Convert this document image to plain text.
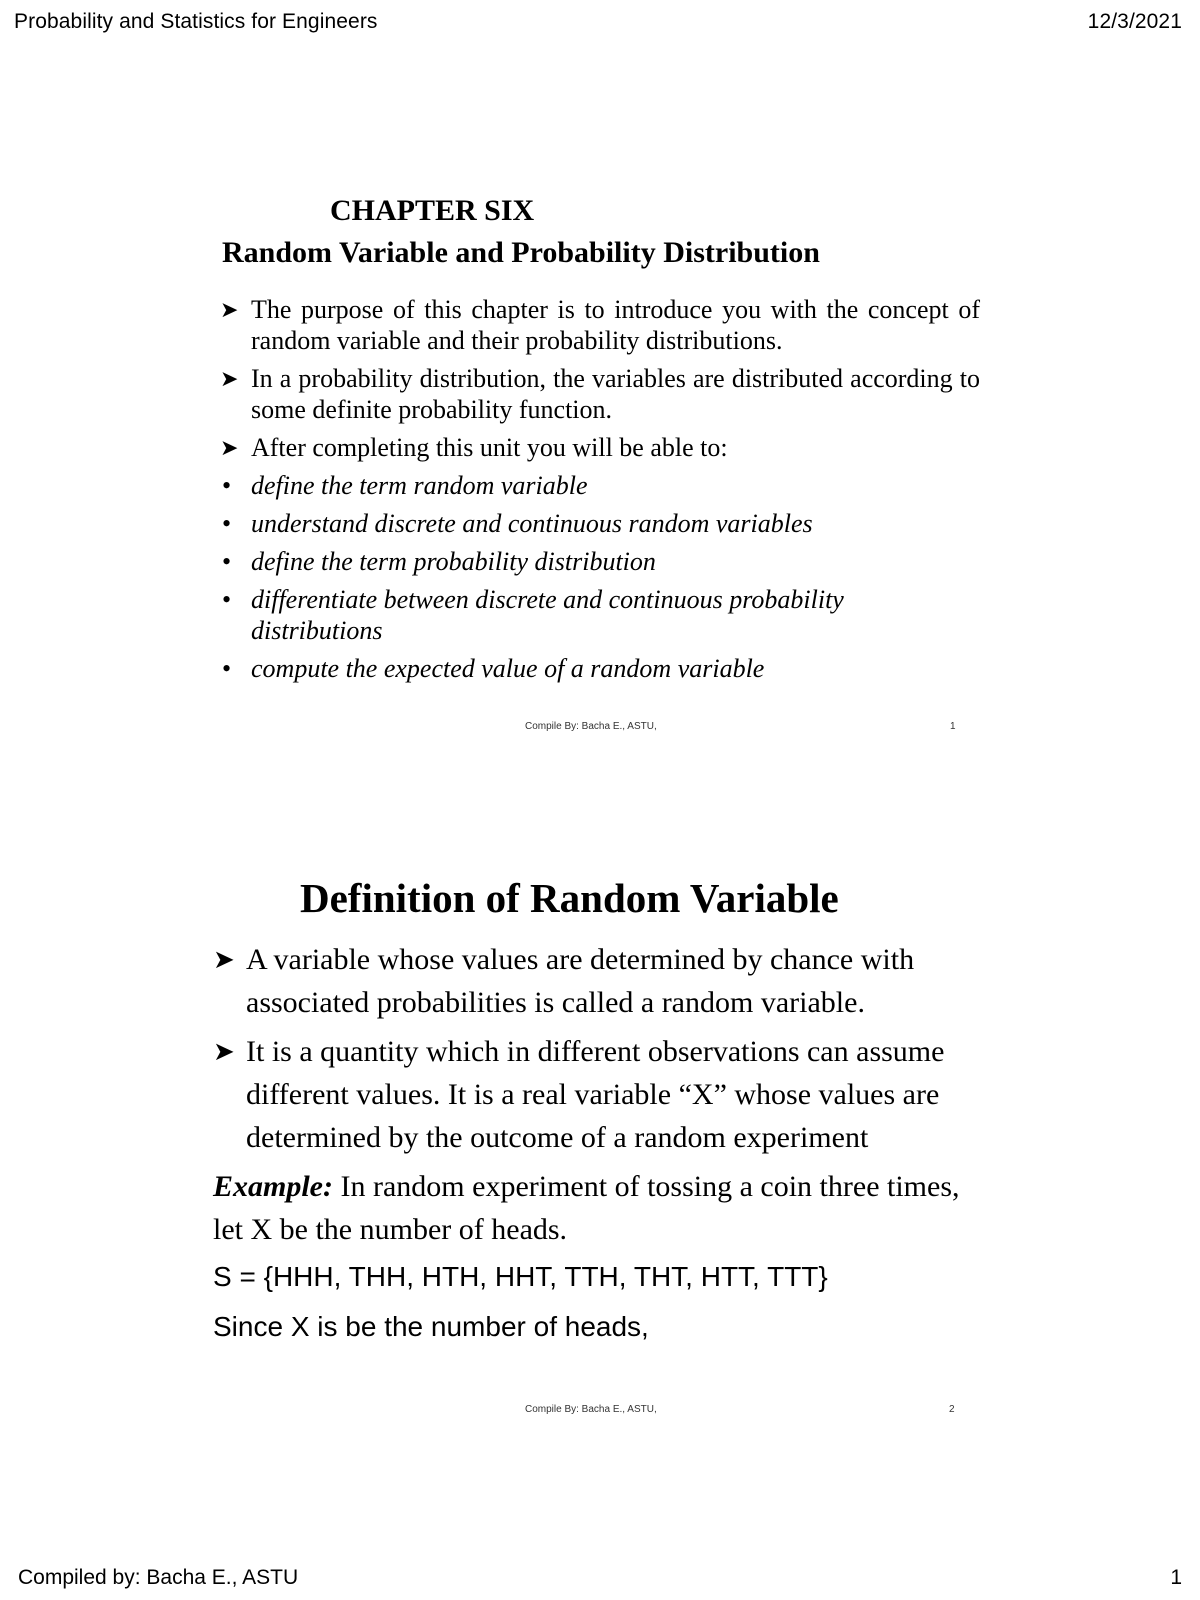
Probability and Statistics for Engineers	12/3/2021
CHAPTER SIX
Random Variable and Probability Distribution
➤ The purpose of this chapter is to introduce you with the concept of random variable and their probability distributions.
➤ In a probability distribution, the variables are distributed according to some definite probability function.
➤ After completing this unit you will be able to:
• define the term random variable
• understand discrete and continuous random variables
• define the term probability distribution
• differentiate between discrete and continuous probability distributions
• compute the expected value of a random variable
Compile By: Bacha E., ASTU,	1
Definition of Random Variable
➤ A variable whose values are determined by chance with associated probabilities is called a random variable.
➤ It is a quantity which in different observations can assume different values. It is a real variable “X” whose values are determined by the outcome of a random experiment
Example: In random experiment of tossing a coin three times, let X be the number of heads.
S = {HHH, THH, HTH, HHT, TTH, THT, HTT, TTT}
Since X is be the number of heads,
Compile By: Bacha E., ASTU,	2
Compiled by: Bacha E., ASTU	1
